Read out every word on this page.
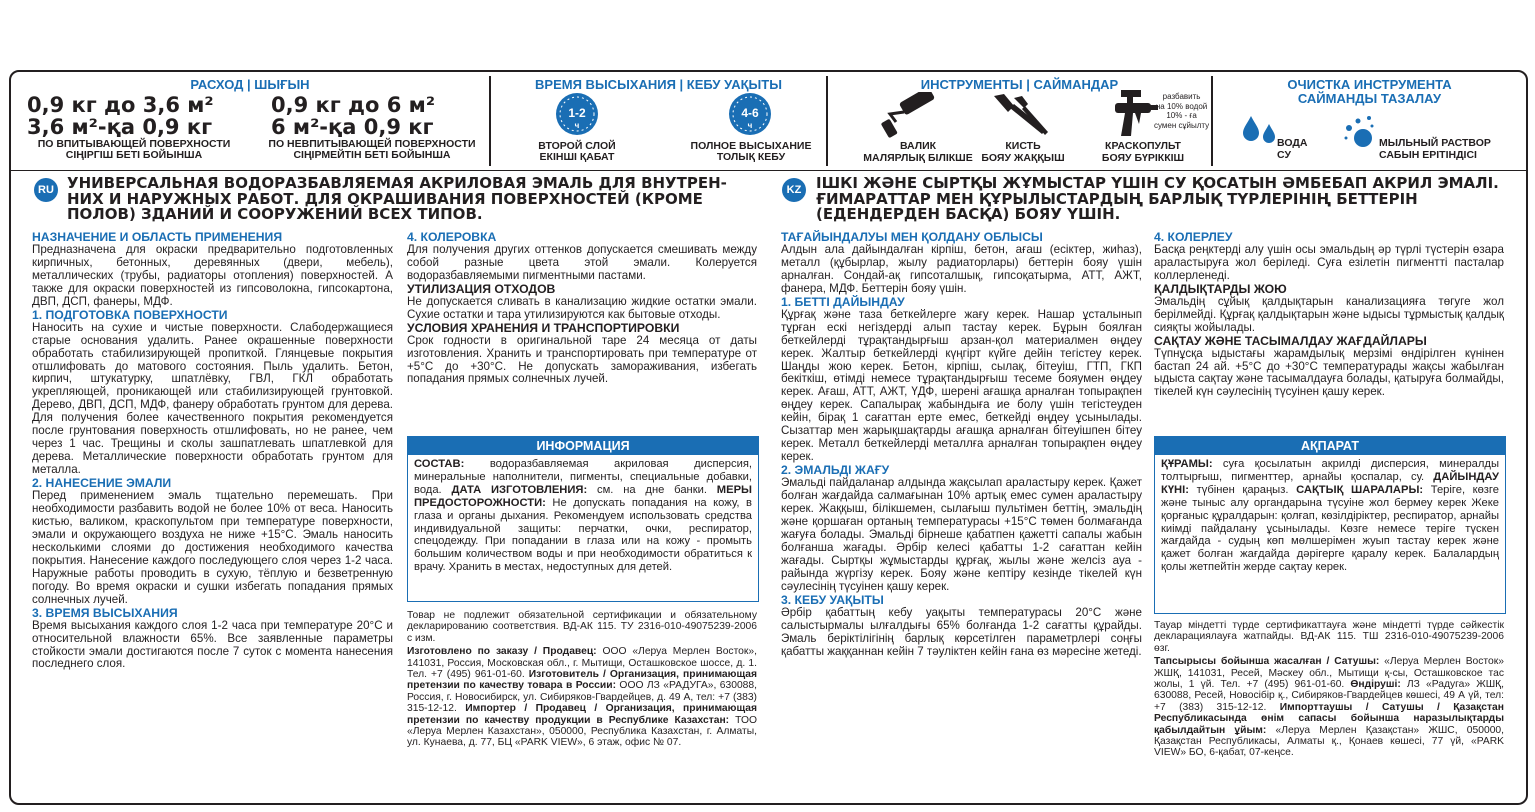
РАСХОД | ШЫҒЫН
0,9 кг до 3,6 м²
3,6 м²-қа 0,9 кг
ПО ВПИТЫВАЮЩЕЙ ПОВЕРХНОСТИ
СІҢІРГІШ БЕТІ БОЙЫНША
0,9 кг до 6 м²
6 м²-қа 0,9 кг
ПО НЕВПИТЫВАЮЩЕЙ ПОВЕРХНОСТИ
СІҢІРМЕЙТІН БЕТІ БОЙЫНША
ВРЕМЯ ВЫСЫХАНИЯ | КЕБУ УАҚЫТЫ
1-2
ч
ВТОРОЙ СЛОЙ
ЕКІНШІ ҚАБАТ
4-6
ч
ПОЛНОЕ ВЫСЫХАНИЕ
ТОЛЫҚ КЕБУ
ИНСТРУМЕНТЫ | САЙМАНДАР
ВАЛИК
МАЛЯРЛЫҚ БІЛІКШЕ
КИСТЬ
БОЯУ ЖАҚҚЫШ
разбавить
на 10% водой
10% - ға
сумен сұйылту
КРАСКОПУЛЬТ
БОЯУ БҮРІККІШ
ОЧИСТКА ИНСТРУМЕНТА
САЙМАНДЫ ТАЗАЛАУ
ВОДА
СУ
МЫЛЬНЫЙ РАСТВОР
САБЫН ЕРІТІНДІСІ
RU УНИВЕРСАЛЬНАЯ ВОДОРАЗБАВЛЯЕМАЯ АКРИЛОВАЯ ЭМАЛЬ ДЛЯ ВНУТРЕН-
НИХ И НАРУЖНЫХ РАБОТ. ДЛЯ ОКРАШИВАНИЯ ПОВЕРХНОСТЕЙ (КРОМЕ
ПОЛОВ) ЗДАНИЙ И СООРУЖЕНИЙ ВСЕХ ТИПОВ.
НАЗНАЧЕНИЕ И ОБЛАСТЬ ПРИМЕНЕНИЯ

Предназначена для окраски предварительно подготовленных кирпичных, бетонных, деревянных (двери, мебель), металлических (трубы, радиаторы отопления) поверхностей. А также для окраски поверхностей из гипсоволокна, гипсокартона, ДВП, ДСП, фанеры, МДФ.

1. ПОДГОТОВКА ПОВЕРХНОСТИ

Наносить на сухие и чистые поверхности. Слабодержащиеся старые основания удалить. Ранее окрашенные поверхности обработать стабилизирующей пропиткой. Глянцевые покрытия отшлифовать до матового состояния. Пыль удалить. Бетон, кирпич, штукатурку, шпатлёвку, ГВЛ, ГКЛ обработать укрепляющей, проникающей или стабилизирующей грунтовкой. Дерево, ДВП, ДСП, МДФ, фанеру обработать грунтом для дерева. Для получения более качественного покрытия рекомендуется после грунтования поверхность отшлифовать, но не ранее, чем через 1 час. Трещины и сколы зашпатлевать шпатлевкой для дерева. Металлические поверхности обработать грунтом для металла.

2. НАНЕСЕНИЕ ЭМАЛИ

Перед применением эмаль тщательно перемешать. При необходимости разбавить водой не более 10% от веса. Наносить кистью, валиком, краскопультом при температуре поверхности, эмали и окружающего воздуха не ниже +15°С. Эмаль наносить несколькими слоями до достижения необходимого качества покрытия. Нанесение каждого последующего слоя через 1-2 часа. Наружные работы проводить в сухую, тёплую и безветренную погоду. Во время окраски и сушки избегать попадания прямых солнечных лучей.

3. ВРЕМЯ ВЫСЫХАНИЯ

Время высыхания каждого слоя 1-2 часа при температуре 20°С и относительной влажности 65%. Все заявленные параметры стойкости эмали достигаются после 7 суток с момента нанесения последнего слоя.

4. КОЛЕРОВКА

Для получения других оттенков допускается смешивать между собой разные цвета этой эмали. Колеруется водоразбавляемыми пигментными пастами.

УТИЛИЗАЦИЯ ОТХОДОВ

Не допускается сливать в канализацию жидкие остатки эмали. Сухие остатки и тара утилизируются как бытовые отходы.

УСЛОВИЯ ХРАНЕНИЯ И ТРАНСПОРТИРОВКИ

Срок годности в оригинальной таре 24 месяца от даты изготовления. Хранить и транспортировать при температуре от +5°С до +30°С. Не допускать замораживания, избегать попадания прямых солнечных лучей.

ИНФОРМАЦИЯ
СОСТАВ: водоразбавляемая акриловая дисперсия, минеральные наполнители, пигменты, специальные добавки, вода. ДАТА ИЗГОТОВЛЕНИЯ: см. на дне банки. МЕРЫ ПРЕДОСТОРОЖНОСТИ: Не допускать попадания на кожу, в глаза и органы дыхания. Рекомендуем использовать средства индивидуальной защиты: перчатки, очки, респиратор, спецодежду. При попадании в глаза или на кожу - промыть большим количеством воды и при необходимости обратиться к врачу. Хранить в местах, недоступных для детей.

Товар не подлежит обязательной сертификации и обязательному декларированию соответствия. ВД-АК 115. ТУ 2316-010-49075239-2006 с изм.

Изготовлено по заказу / Продавец: ООО «Леруа Мерлен Восток», 141031, Россия, Московская обл., г. Мытищи, Осташковское шоссе, д. 1. Тел. +7 (495) 961-01-60. Изготовитель / Организация, принимающая претензии по качеству товара в России: ООО ЛЗ «РАДУГА», 630088, Россия, г. Новосибирск, ул. Сибиряков-Гвардейцев, д. 49 А, тел: +7 (383) 315-12-12. Импортер / Продавец / Организация, принимающая претензии по качеству продукции в Республике Казахстан: ТОО «Леруа Мерлен Казахстан», 050000, Республика Казахстан, г. Алматы, ул. Кунаева, д. 77, БЦ «PARK VIEW», 6 этаж, офис № 07.

KZ ІШКІ ЖӘНЕ СЫРТҚЫ ЖҰМЫСТАР ҮШІН СУ ҚОСАТЫН ӘМБЕБАП АКРИЛ ЭМАЛІ.
ҒИМАРАТТАР МЕН ҚҰРЫЛЫСТАРДЫҢ БАРЛЫҚ ТҮРЛЕРІНІҢ БЕТТЕРІН
(ЕДЕНДЕРДЕН БАСҚА) БОЯУ ҮШІН.
ТАҒАЙЫНДАЛУЫ МЕН ҚОЛДАНУ ОБЛЫСЫ

Алдын ала дайындалған кірпіш, бетон, ағаш (есіктер, жиһаз), металл (құбырлар, жылу радиаторлары) беттерін бояу үшін арналған. Сондай-ақ гипсоталшық, гипсоқатырма, АТТ, АЖТ, фанера, МДФ. Беттерін бояу үшін.

1. БЕТТІ ДАЙЫНДАУ

Құрғақ және таза беткейлерге жағу керек. Нашар ұсталынып тұрған ескі негіздерді алып тастау керек. Бұрын боялған беткейлерді тұрақтандырғыш арзан-қол материалмен өңдеу керек. Жалтыр беткейлерді күңгірт күйге дейін тегістеу керек. Шаңды жою керек. Бетон, кірпіш, сылақ, бітеуіш, ГТП, ГКП бекіткіш, өтімді немесе тұрақтандырғыш тесеме бояумен өңдеу керек. Ағаш, АТТ, АЖТ, ҮДФ, шерені ағашқа арналған топырақпен өңдеу керек. Сапалырақ жабындыға ие болу үшін тегістеуден кейін, бірақ 1 сағаттан ерте емес, беткейді өңдеу ұсынылады. Сызаттар мен жарықшақтарды ағашқа арналған бітеуішпен бітеу керек. Металл беткейлерді металлға арналған топырақпен өңдеу керек.

2. ЭМАЛЬДІ ЖАҒУ

Эмальді пайдаланар алдында жақсылап араластыру керек. Қажет болған жағдайда салмағынан 10% артық емес сумен араластыру керек. Жаққыш, білікшемен, сылағыш пультімен беттің, эмальдің және қоршаған ортаның температурасы +15°С төмен болмағанда жағуға болады. Эмальді бірнеше қабатпен қажетті сапалы жабын болғанша жағады. Әрбір келесі қабатты 1-2 сағаттан кейін жағады. Сыртқы жұмыстарды құрғақ, жылы және желсіз ауа - райында жүргізу керек. Бояу және кептіру кезінде тікелей күн сәулесінің түсуінен қашу керек.

3. КЕБУ УАҚЫТЫ

Әрбір қабаттың кебу уақыты температурасы 20°С және салыстырмалы ылғалдығы 65% болғанда 1-2 сағатты құрайды. Эмаль беріктілігінің барлық көрсетілген параметрлері соңғы қабатты жаққаннан кейін 7 тәуліктен кейін ғана өз мәресіне жетеді.

4. КОЛЕРЛЕУ

Басқа реңктерді алу үшін осы эмальдың әр түрлі түстерін өзара араластыруға жол беріледі. Суға езілетін пигментті пасталар коллерленеді.

ҚАЛДЫҚТАРДЫ ЖОЮ

Эмальдің сұйық қалдықтарын канализацияға төгуге жол берілмейді. Құрғақ қалдықтарын және ыдысы тұрмыстық қалдық сияқты жойылады.

САҚТАУ ЖӘНЕ ТАСЫМАЛДАУ ЖАҒДАЙЛАРЫ

Түпнұсқа ыдыстағы жарамдылық мерзімі өндірілген күнінен бастап 24 ай. +5°С до +30°С температурады жақсы жабылған ыдыста сақтау және тасымалдауға болады, қатыруға болмайды, тікелей күн сәулесінің түсуінен қашу керек.

АҚПАРАТ
ҚҰРАМЫ: суға қосылатын акрилді дисперсия, минералды толтырғыш, пигменттер, арнайы қоспалар, су. ДАЙЫНДАУ КҮНІ: түбінен қараңыз. САҚТЫҚ ШАРАЛАРЫ: Терiге, көзге және тыныс алу органдарына түсуіне жол бермеу керек Жеке қорғаныс құралдарын: қолғап, көзілдіріктер, респиратор, арнайы киімді пайдалану ұсынылады. Көзге немесе теріге түскен жағдайда - судың көп мөлшерімен жуып тастау керек және қажет болған жағдайда дәрігерге қаралу керек. Балалардың қолы жетпейтін жерде сақтау керек.

Тауар міндетті түрде сертификаттауға және міндетті түрде сәйкестік декларациялауға жатпайды. ВД-АК 115. ТШ 2316-010-49075239-2006 өзг.

Тапсырысы бойынша жасалған / Сатушы: «Леруа Мерлен Восток» ЖШҚ, 141031, Ресей, Мәскеу обл., Мытищи қ-сы, Осташковское тас жолы, 1 үй. Тел. +7 (495) 961-01-60. Өндіруші: ЛЗ «Радуга» ЖШҚ, 630088, Ресей, Новосібір қ., Сибиряков-Гвардейцев көшесі, 49 А үй, тел: +7 (383) 315-12-12. Импорттаушы / Сатушы / Қазақстан Республикасында өнім сапасы бойынша наразылықтарды қабылдайтын ұйым: «Леруа Мерлен Қазақстан» ЖШС, 050000, Қазақстан Республикасы, Алматы қ., Қонаев көшесі, 77 үй, «PARK VIEW» БО, 6-қабат, 07-кеңсе.
